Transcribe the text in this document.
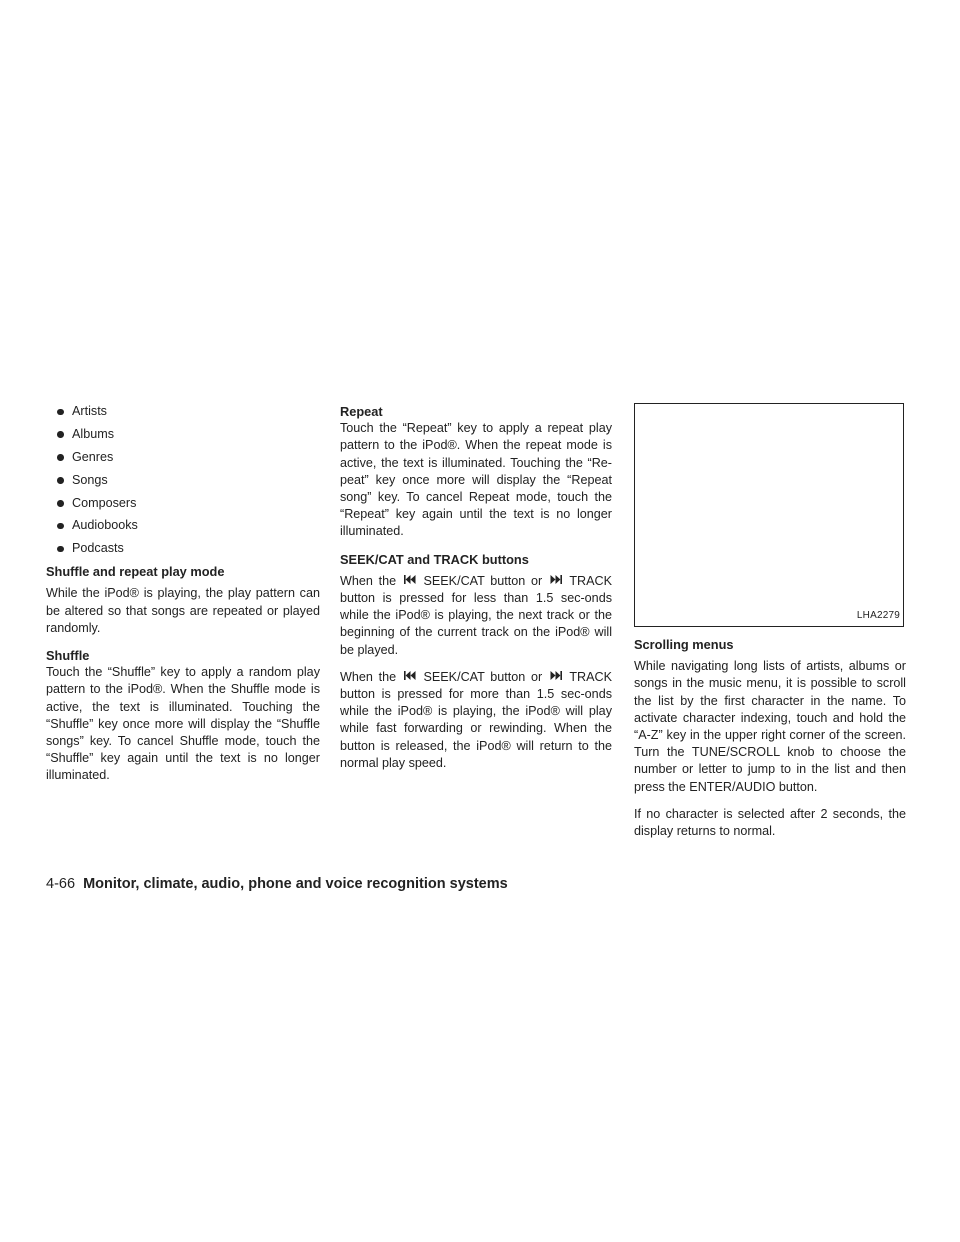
Artists
Albums
Genres
Songs
Composers
Audiobooks
Podcasts
Shuffle and repeat play mode

While the iPod® is playing, the play pattern can be altered so that songs are repeated or played randomly.

Shuffle

Touch the “Shuffle” key to apply a random play pattern to the iPod®. When the Shuffle mode is active, the text is illuminated. Touching the “Shuffle” key once more will display the “Shuffle songs” key. To cancel Shuffle mode, touch the “Shuffle” key again until the text is no longer illuminated.

Repeat

Touch the “Repeat” key to apply a repeat play pattern to the iPod®. When the repeat mode is active, the text is illuminated. Touching the “Re-peat” key once more will display the “Repeat song” key. To cancel Repeat mode, touch the “Repeat” key again until the text is no longer illuminated.

SEEK/CAT and TRACK buttons

When the SEEK/CAT button or TRACK button is pressed for less than 1.5 sec-onds while the iPod® is playing, the next track or the beginning of the current track on the iPod® will be played.

When the SEEK/CAT button or TRACK button is pressed for more than 1.5 sec-onds while the iPod® is playing, the iPod® will play while fast forwarding or rewinding. When the button is released, the iPod® will return to the normal play speed.

LHA2279
Scrolling menus

While navigating long lists of artists, albums or songs in the music menu, it is possible to scroll the list by the first character in the name. To activate character indexing, touch and hold the “A-Z” key in the upper right corner of the screen. Turn the TUNE/SCROLL knob to choose the number or letter to jump to in the list and then press the ENTER/AUDIO button.

If no character is selected after 2 seconds, the display returns to normal.

4-66 Monitor, climate, audio, phone and voice recognition systems
